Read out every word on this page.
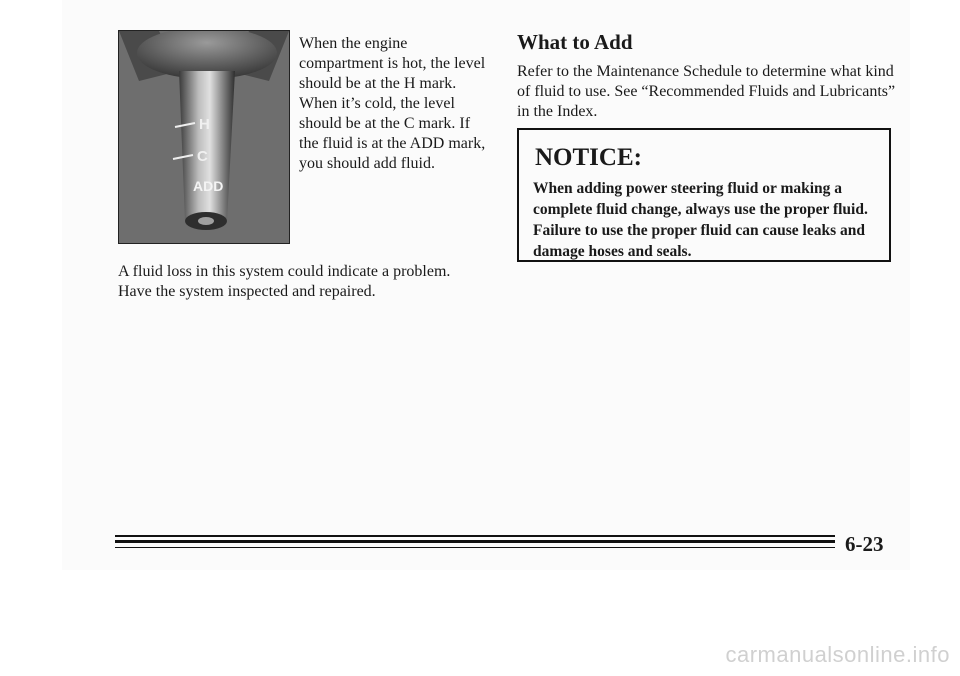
H
C
ADD

When the engine compartment is hot, the level should be at the H mark. When it’s cold, the level should be at the C mark. If the fluid is at the ADD mark, you should add fluid.

A fluid loss in this system could indicate a problem. Have the system inspected and repaired.

What to Add

Refer to the Maintenance Schedule to determine what kind of fluid to use. See “Recommended Fluids and Lubricants” in the Index.

NOTICE:

When adding power steering fluid or making a complete fluid change, always use the proper fluid. Failure to use the proper fluid can cause leaks and damage hoses and seals.

6-23

carmanualsonline.info
